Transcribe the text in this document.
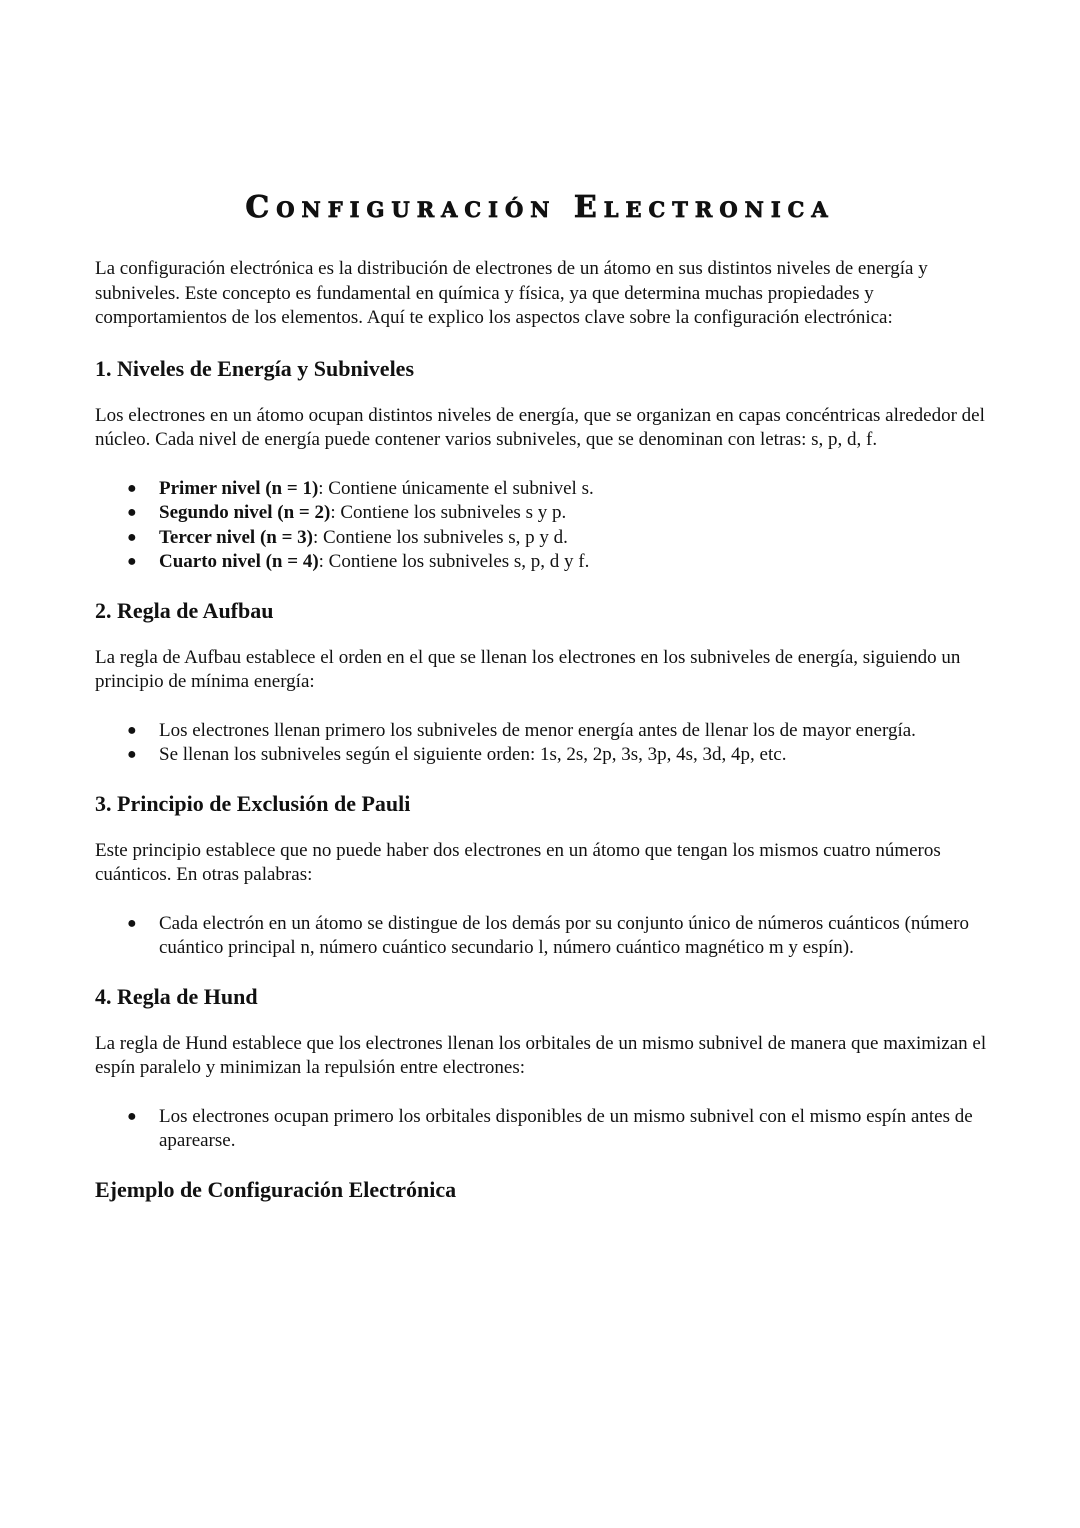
Configuración Electronica

La configuración electrónica es la distribución de electrones de un átomo en sus distintos niveles de energía y subniveles. Este concepto es fundamental en química y física, ya que determina muchas propiedades y comportamientos de los elementos. Aquí te explico los aspectos clave sobre la configuración electrónica:

1. Niveles de Energía y Subniveles

Los electrones en un átomo ocupan distintos niveles de energía, que se organizan en capas concéntricas alrededor del núcleo. Cada nivel de energía puede contener varios subniveles, que se denominan con letras: s, p, d, f.

● Primer nivel (n = 1): Contiene únicamente el subnivel s.
● Segundo nivel (n = 2): Contiene los subniveles s y p.
● Tercer nivel (n = 3): Contiene los subniveles s, p y d.
● Cuarto nivel (n = 4): Contiene los subniveles s, p, d y f.
2. Regla de Aufbau

La regla de Aufbau establece el orden en el que se llenan los electrones en los subniveles de energía, siguiendo un principio de mínima energía:

● Los electrones llenan primero los subniveles de menor energía antes de llenar los de mayor energía.
● Se llenan los subniveles según el siguiente orden: 1s, 2s, 2p, 3s, 3p, 4s, 3d, 4p, etc.
3. Principio de Exclusión de Pauli

Este principio establece que no puede haber dos electrones en un átomo que tengan los mismos cuatro números cuánticos. En otras palabras:

● Cada electrón en un átomo se distingue de los demás por su conjunto único de números cuánticos (número cuántico principal n, número cuántico secundario l, número cuántico magnético m y espín).
4. Regla de Hund

La regla de Hund establece que los electrones llenan los orbitales de un mismo subnivel de manera que maximizan el espín paralelo y minimizan la repulsión entre electrones:

● Los electrones ocupan primero los orbitales disponibles de un mismo subnivel con el mismo espín antes de aparearse.
Ejemplo de Configuración Electrónica
